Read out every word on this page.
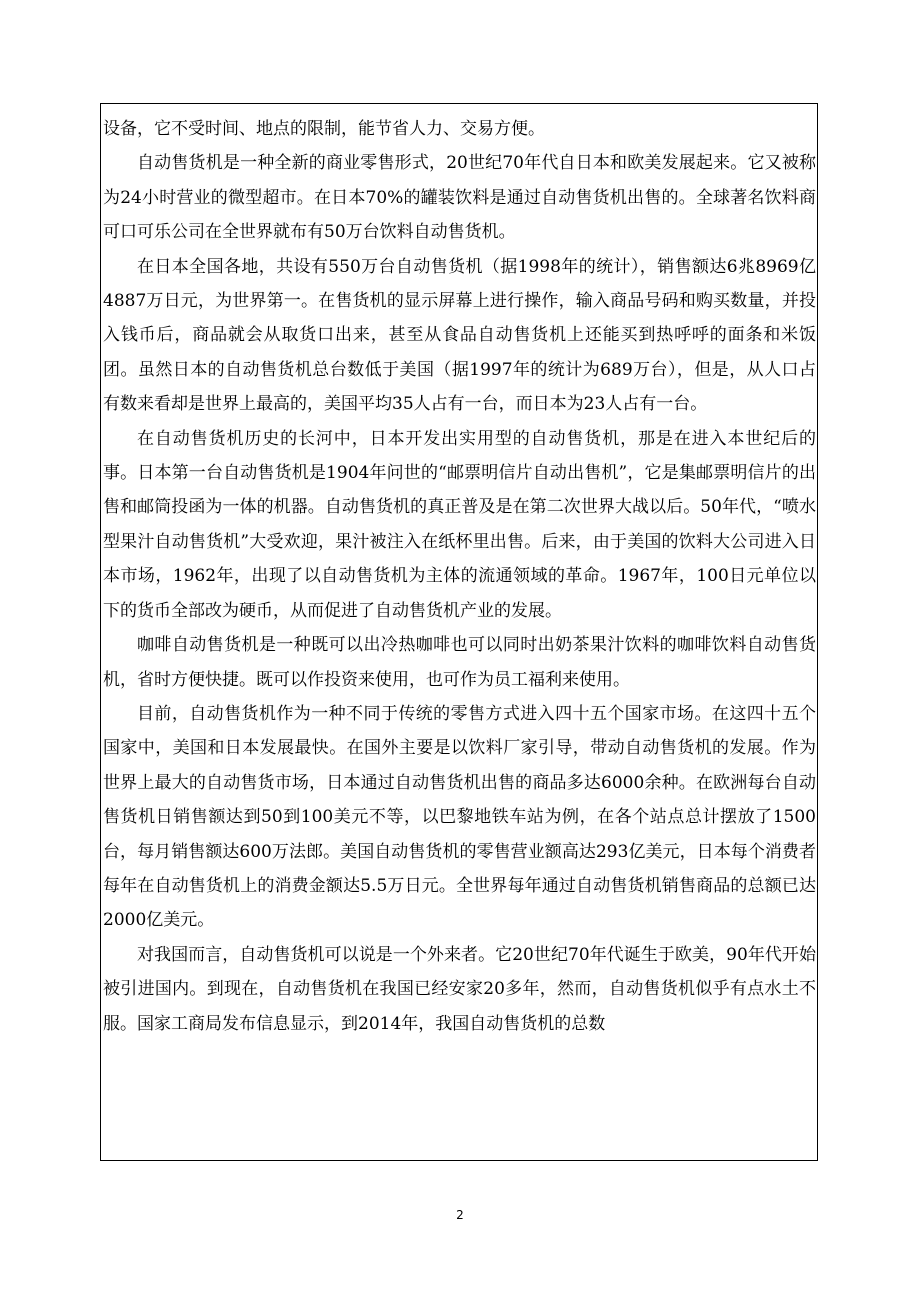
设备，它不受时间、地点的限制，能节省人力、交易方便。

自动售货机是一种全新的商业零售形式，20世纪70年代自日本和欧美发展起来。它又被称为24小时营业的微型超市。在日本70%的罐装饮料是通过自动售货机出售的。全球著名饮料商可口可乐公司在全世界就布有50万台饮料自动售货机。

在日本全国各地，共设有550万台自动售货机（据1998年的统计），销售额达6兆8969亿4887万日元，为世界第一。在售货机的显示屏幕上进行操作，输入商品号码和购买数量，并投入钱币后，商品就会从取货口出来，甚至从食品自动售货机上还能买到热呼呼的面条和米饭团。虽然日本的自动售货机总台数低于美国（据1997年的统计为689万台），但是，从人口占有数来看却是世界上最高的，美国平均35人占有一台，而日本为23人占有一台。

在自动售货机历史的长河中，日本开发出实用型的自动售货机，那是在进入本世纪后的事。日本第一台自动售货机是1904年问世的“邮票明信片自动出售机”，它是集邮票明信片的出售和邮筒投函为一体的机器。自动售货机的真正普及是在第二次世界大战以后。50年代，“喷水型果汁自动售货机”大受欢迎，果汁被注入在纸杯里出售。后来，由于美国的饮料大公司进入日本市场，1962年，出现了以自动售货机为主体的流通领域的革命。1967年，100日元单位以下的货币全部改为硬币，从而促进了自动售货机产业的发展。

咖啡自动售货机是一种既可以出冷热咖啡也可以同时出奶茶果汁饮料的咖啡饮料自动售货机，省时方便快捷。既可以作投资来使用，也可作为员工福利来使用。

目前，自动售货机作为一种不同于传统的零售方式进入四十五个国家市场。在这四十五个国家中，美国和日本发展最快。在国外主要是以饮料厂家引导，带动自动售货机的发展。作为世界上最大的自动售货市场，日本通过自动售货机出售的商品多达6000余种。在欧洲每台自动售货机日销售额达到50到100美元不等，以巴黎地铁车站为例，在各个站点总计摆放了1500台，每月销售额达600万法郎。美国自动售货机的零售营业额高达293亿美元，日本每个消费者每年在自动售货机上的消费金额达5.5万日元。全世界每年通过自动售货机销售商品的总额已达2000亿美元。

对我国而言，自动售货机可以说是一个外来者。它20世纪70年代诞生于欧美，90年代开始被引进国内。到现在，自动售货机在我国已经安家20多年，然而，自动售货机似乎有点水土不服。国家工商局发布信息显示，到2014年，我国自动售货机的总数

2
